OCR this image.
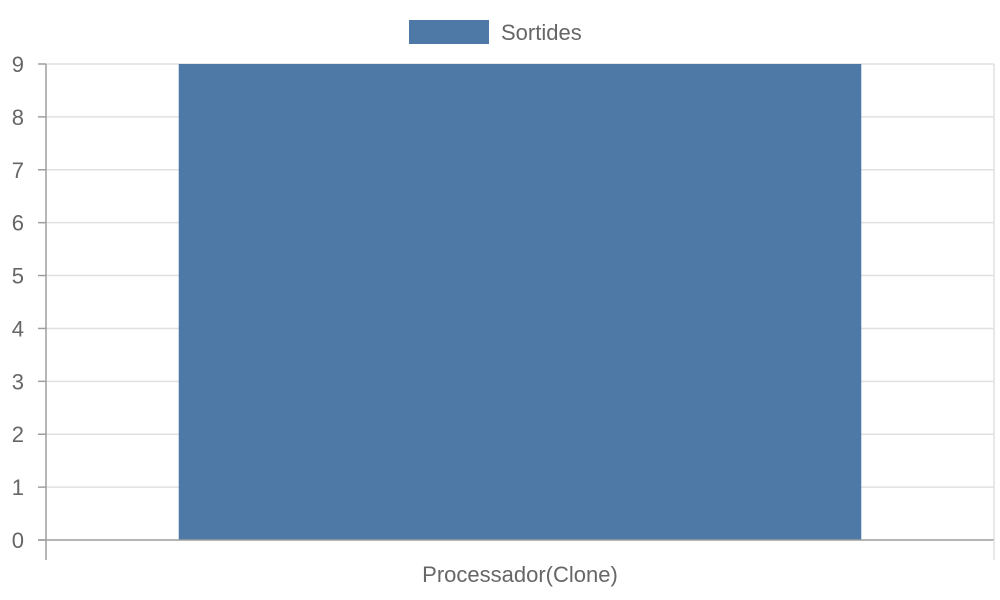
Sortides
0
1
2
3
4
5
6
7
8
9
Processador(Clone)
